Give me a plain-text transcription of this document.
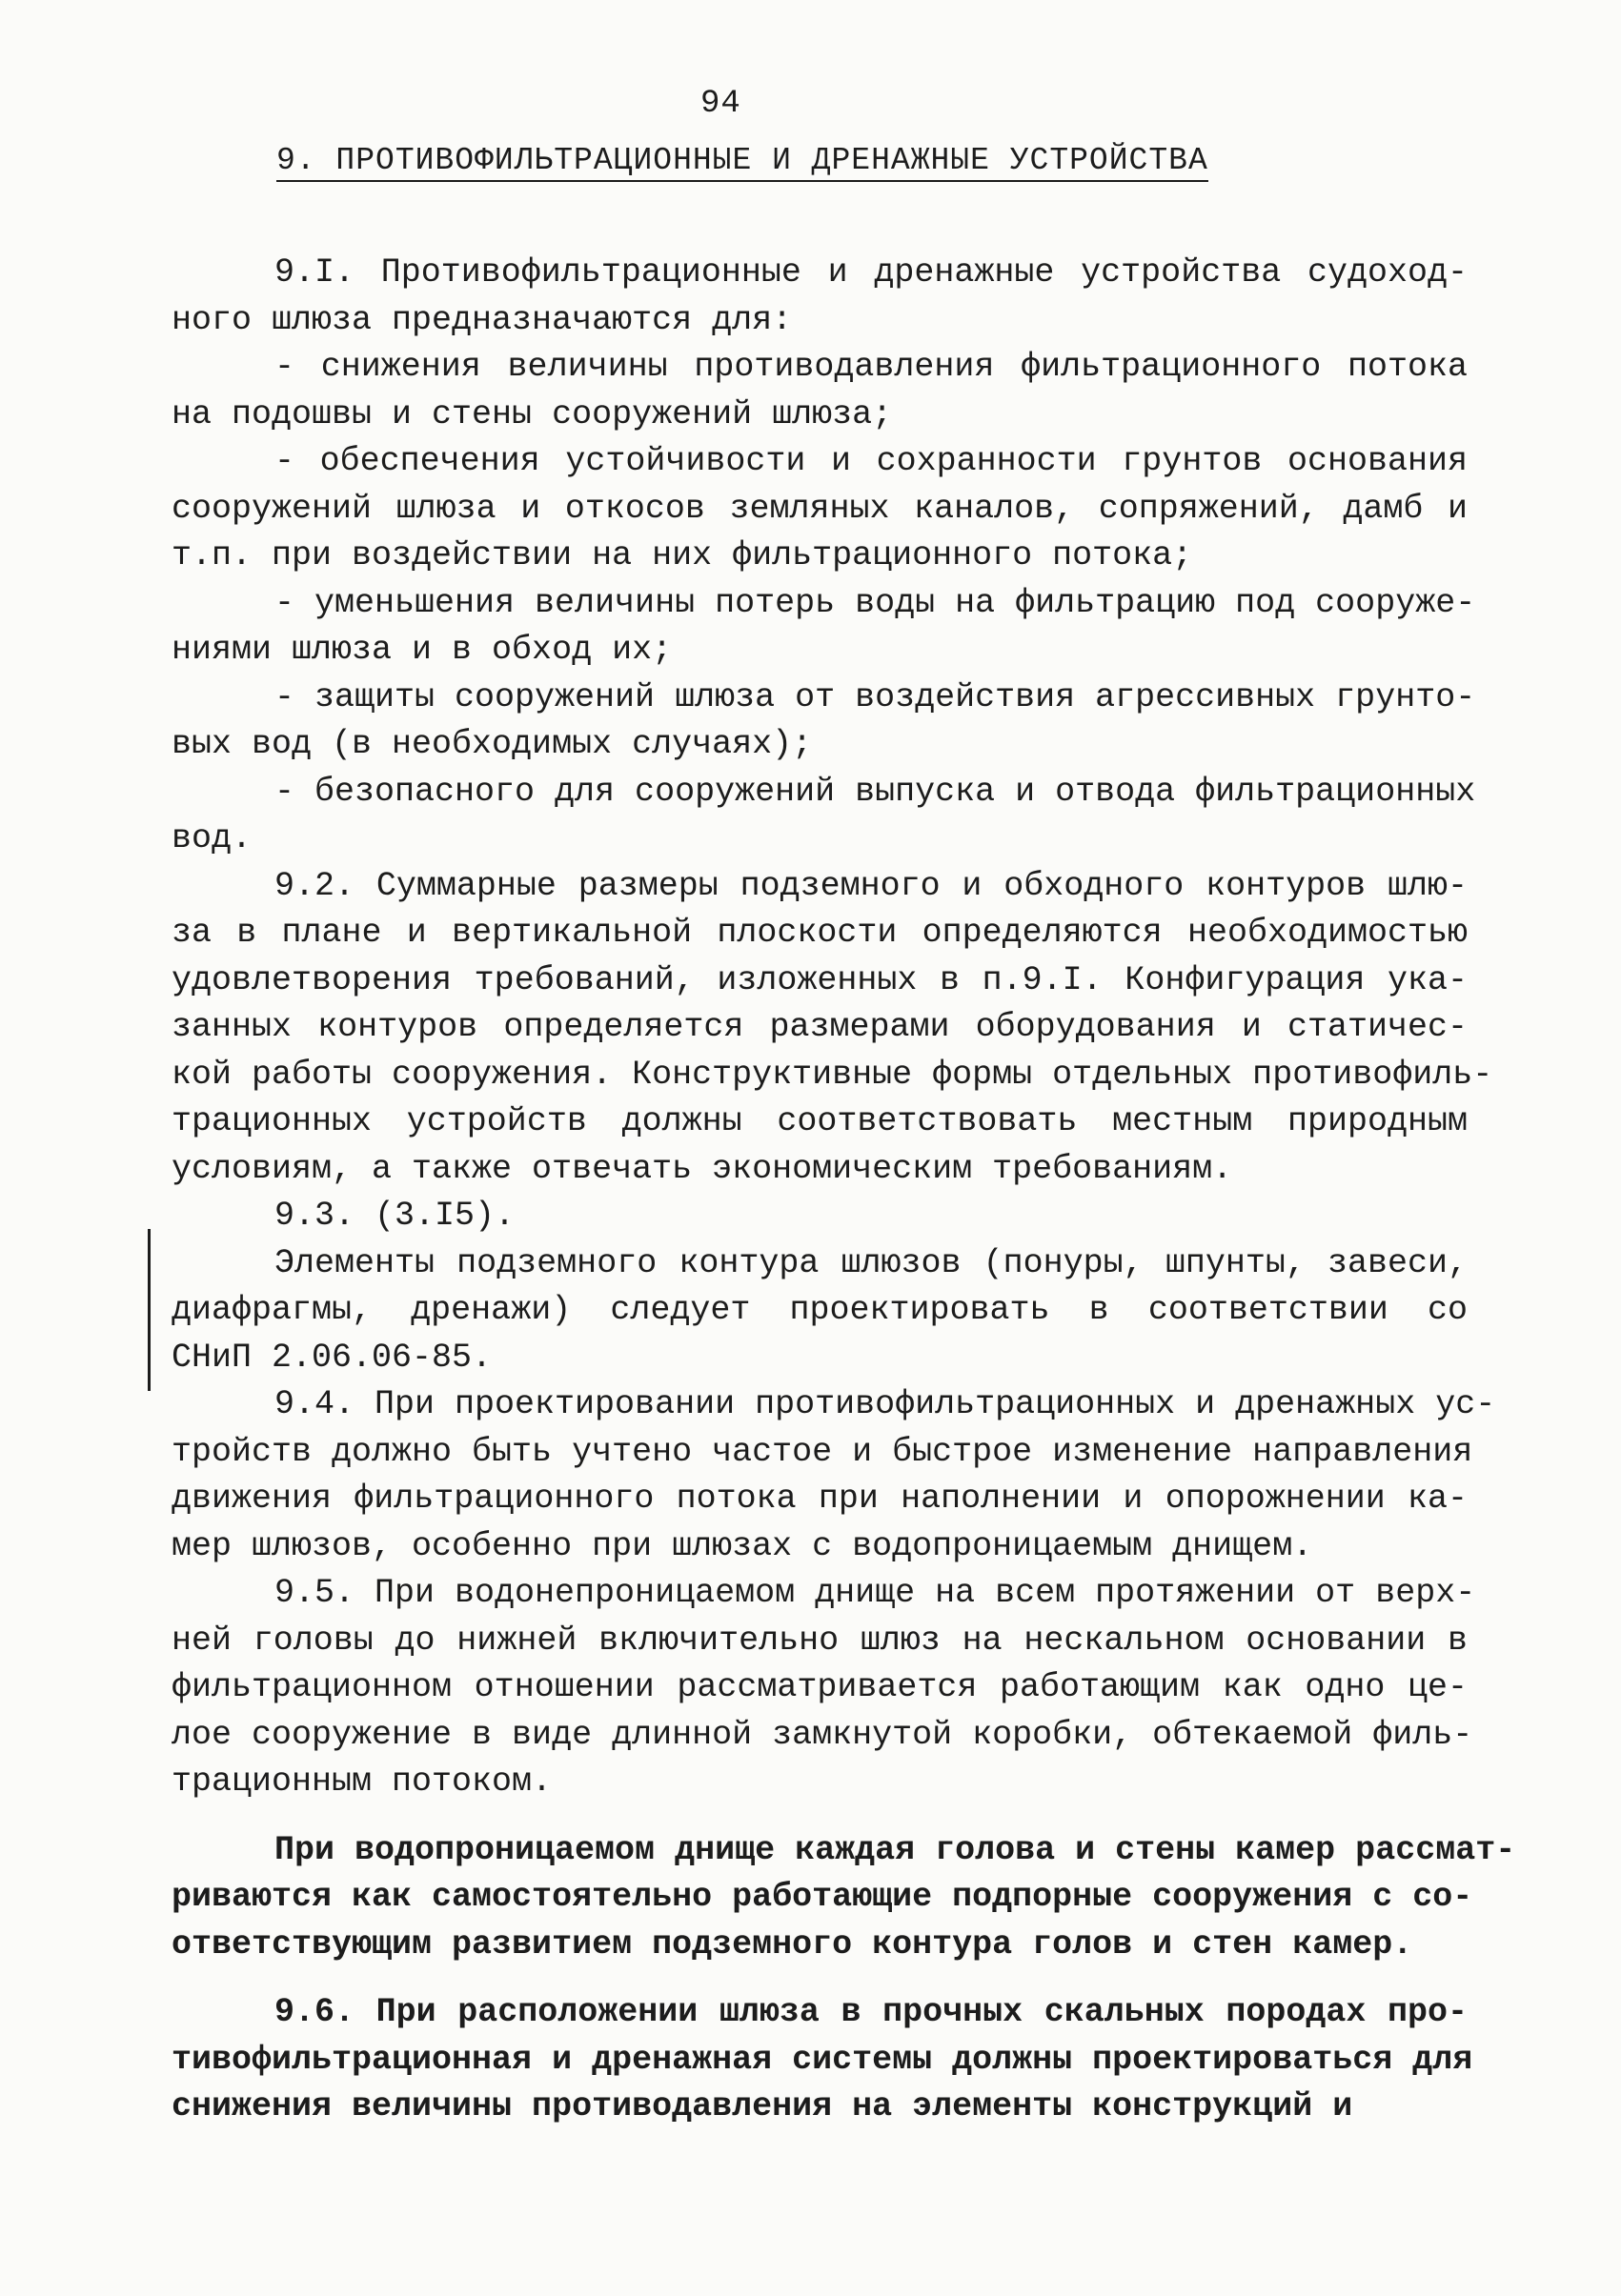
94
9. ПРОТИВОФИЛЬТРАЦИОННЫЕ И ДРЕНАЖНЫЕ УСТРОЙСТВА
9.I. Противофильтрационные и дренажные устройства судоход-
ного шлюза предназначаются для:
- снижения величины противодавления фильтрационного потока
на подошвы и стены сооружений шлюза;
- обеспечения устойчивости и сохранности грунтов основания
сооружений шлюза и откосов земляных каналов, сопряжений, дамб и
т.п. при воздействии на них фильтрационного потока;
- уменьшения величины потерь воды на фильтрацию под сооруже-
ниями шлюза и в обход их;
- защиты сооружений шлюза от воздействия агрессивных грунто-
вых вод (в необходимых случаях);
- безопасного для сооружений выпуска и отвода фильтрационных
вод.
9.2. Суммарные размеры подземного и обходного контуров шлю-
за в плане и вертикальной плоскости определяются необходимостью
удовлетворения требований, изложенных в п.9.I. Конфигурация ука-
занных контуров определяется размерами оборудования и статичес-
кой работы сооружения. Конструктивные формы отдельных противофиль-
трационных устройств должны соответствовать местным природным
условиям, а также отвечать экономическим требованиям.
9.3. (3.I5).
Элементы подземного контура шлюзов (понуры, шпунты, завеси,
диафрагмы, дренажи) следует проектировать в соответствии со
СНиП 2.06.06-85.
9.4. При проектировании противофильтрационных и дренажных ус-
тройств должно быть учтено частое и быстрое изменение направления
движения фильтрационного потока при наполнении и опорожнении ка-
мер шлюзов, особенно при шлюзах с водопроницаемым днищем.
9.5. При водонепроницаемом днище на всем протяжении от верх-
ней головы до нижней включительно шлюз на нескальном основании в
фильтрационном отношении рассматривается работающим как одно це-
лое сооружение в виде длинной замкнутой коробки, обтекаемой филь-
трационным потоком.
При водопроницаемом днище каждая голова и стены камер рассмат-
риваются как самостоятельно работающие подпорные сооружения с со-
ответствующим развитием подземного контура голов и стен камер.
9.6. При расположении шлюза в прочных скальных породах про-
тивофильтрационная и дренажная системы должны проектироваться для
снижения величины противодавления на элементы конструкций и
